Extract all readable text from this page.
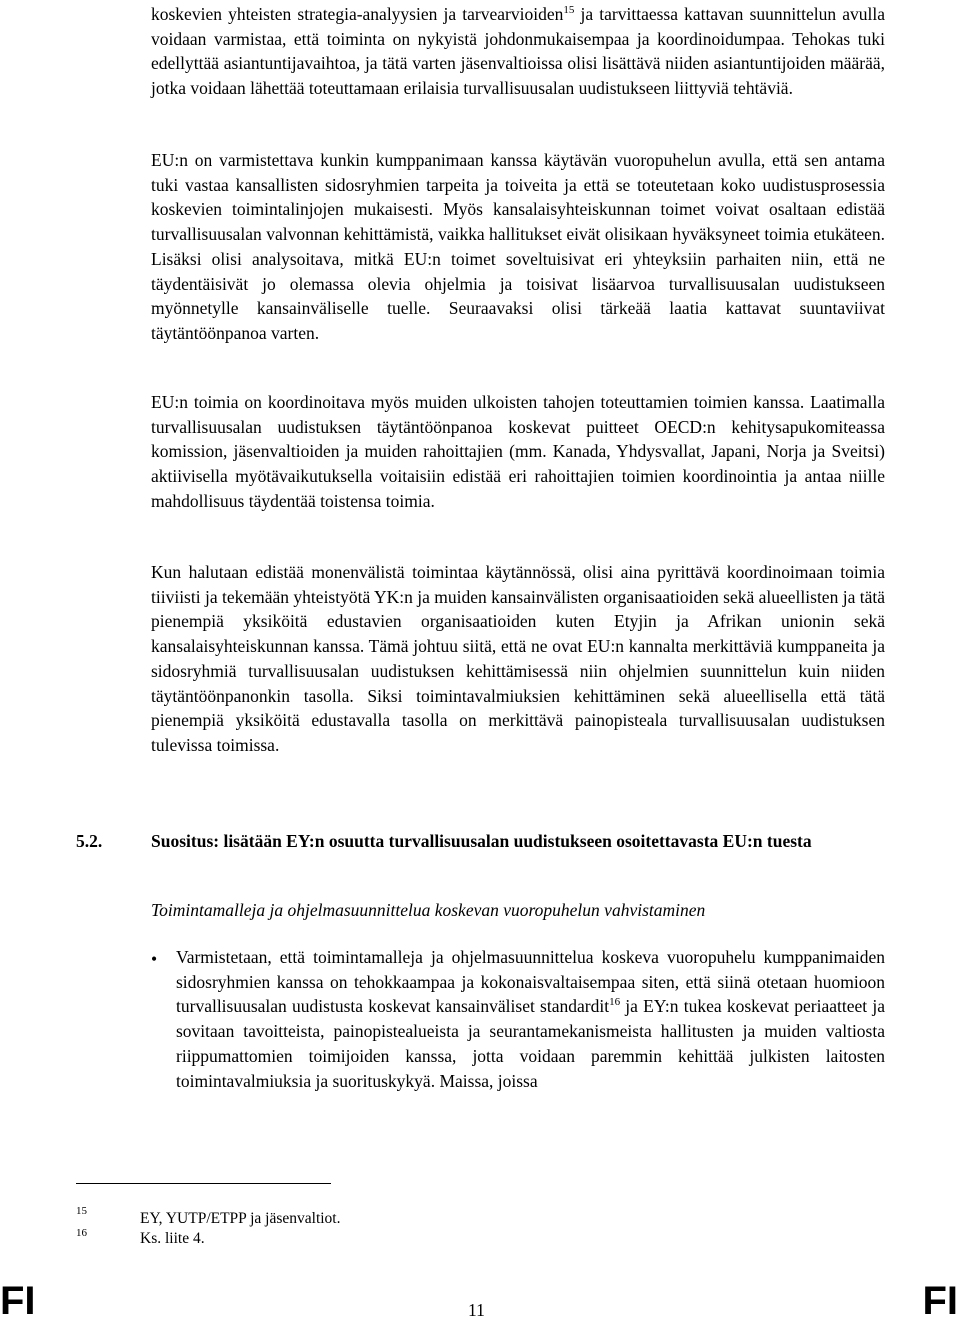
koskevien yhteisten strategia-analyysien ja tarvearvioiden$^{15}$ ja tarvittaessa kattavan suunnittelun avulla voidaan varmistaa, että toiminta on nykyistä johdonmukaisempaa ja koordinoidumpaa. Tehokas tuki edellyttää asiantuntijavaihtoa, ja tätä varten jäsenvaltioissa olisi lisättävä niiden asiantuntijoiden määrää, jotka voidaan lähettää toteuttamaan erilaisia turvallisuusalan uudistukseen liittyviä tehtäviä.

EU:n on varmistettava kunkin kumppanimaan kanssa käytävän vuoropuhelun avulla, että sen antama tuki vastaa kansallisten sidosryhmien tarpeita ja toiveita ja että se toteutetaan koko uudistusprosessia koskevien toimintalinjojen mukaisesti. Myös kansalaisyhteiskunnan toimet voivat osaltaan edistää turvallisuusalan valvonnan kehittämistä, vaikka hallitukset eivät olisikaan hyväksyneet toimia etukäteen. Lisäksi olisi analysoitava, mitkä EU:n toimet soveltuisivat eri yhteyksiin parhaiten niin, että ne täydentäisivät jo olemassa olevia ohjelmia ja toisivat lisäarvoa turvallisuusalan uudistukseen myönnetylle kansainväliselle tuelle. Seuraavaksi olisi tärkeää laatia kattavat suuntaviivat täytäntöönpanoa varten.

EU:n toimia on koordinoitava myös muiden ulkoisten tahojen toteuttamien toimien kanssa. Laatimalla turvallisuusalan uudistuksen täytäntöönpanoa koskevat puitteet OECD:n kehitysapukomiteassa komission, jäsenvaltioiden ja muiden rahoittajien (mm. Kanada, Yhdysvallat, Japani, Norja ja Sveitsi) aktiivisella myötävaikutuksella voitaisiin edistää eri rahoittajien toimien koordinointia ja antaa niille mahdollisuus täydentää toistensa toimia.

Kun halutaan edistää monenvälistä toimintaa käytännössä, olisi aina pyrittävä koordinoimaan toimia tiiviisti ja tekemään yhteistyötä YK:n ja muiden kansainvälisten organisaatioiden sekä alueellisten ja tätä pienempiä yksiköitä edustavien organisaatioiden kuten Etyjin ja Afrikan unionin sekä kansalaisyhteiskunnan kanssa. Tämä johtuu siitä, että ne ovat EU:n kannalta merkittäviä kumppaneita ja sidosryhmiä turvallisuusalan uudistuksen kehittämisessä niin ohjelmien suunnittelun kuin niiden täytäntöönpanonkin tasolla. Siksi toimintavalmiuksien kehittäminen sekä alueellisella että tätä pienempiä yksiköitä edustavalla tasolla on merkittävä painopisteala turvallisuusalan uudistuksen tulevissa toimissa.

5.2.	Suositus: lisätään EY:n osuutta turvallisuusalan uudistukseen osoitettavasta EU:n tuesta

Toimintamalleja ja ohjelmasuunnittelua koskevan vuoropuhelun vahvistaminen

• Varmistetaan, että toimintamalleja ja ohjelmasuunnittelua koskeva vuoropuhelu kumppanimaiden sidosryhmien kanssa on tehokkaampaa ja kokonaisvaltaisempaa siten, että siinä otetaan huomioon turvallisuusalan uudistusta koskevat kansainväliset standardit$^{16}$ ja EY:n tukea koskevat periaatteet ja sovitaan tavoitteista, painopistealueista ja seurantamekanismeista hallitusten ja muiden valtiosta riippumattomien toimijoiden kanssa, jotta voidaan paremmin kehittää julkisten laitosten toimintavalmiuksia ja suorituskykyä. Maissa, joissa

15	EY, YUTP/ETPP ja jäsenvaltiot.
16	Ks. liite 4.
FI	11	FI
